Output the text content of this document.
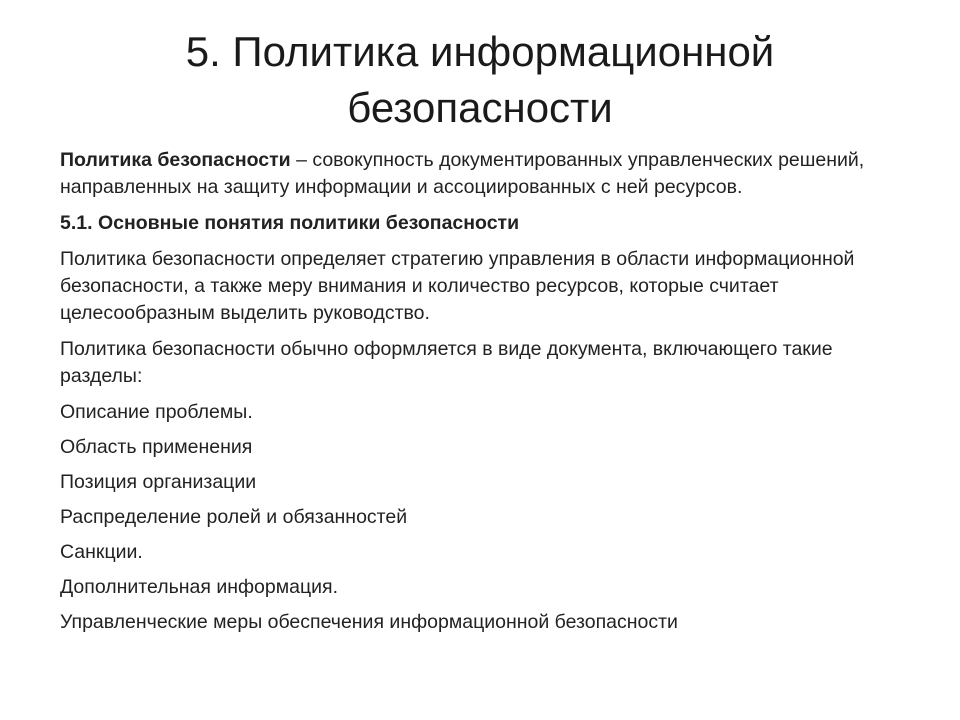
5. Политика информационной
безопасности

Политика безопасности – совокупность документированных управленческих решений, направленных на защиту информации и ассоциированных с ней ресурсов.

5.1. Основные понятия политики безопасности

Политика безопасности определяет стратегию управления в области информационной безопасности, а также меру внимания и количество ресурсов, которые считает целесообразным выделить руководство.

Политика безопасности обычно оформляется в виде документа, включающего такие разделы:

Описание проблемы.

Область применения

Позиция организации

Распределение ролей и обязанностей

Санкции.

Дополнительная информация.

Управленческие меры обеспечения информационной безопасности
